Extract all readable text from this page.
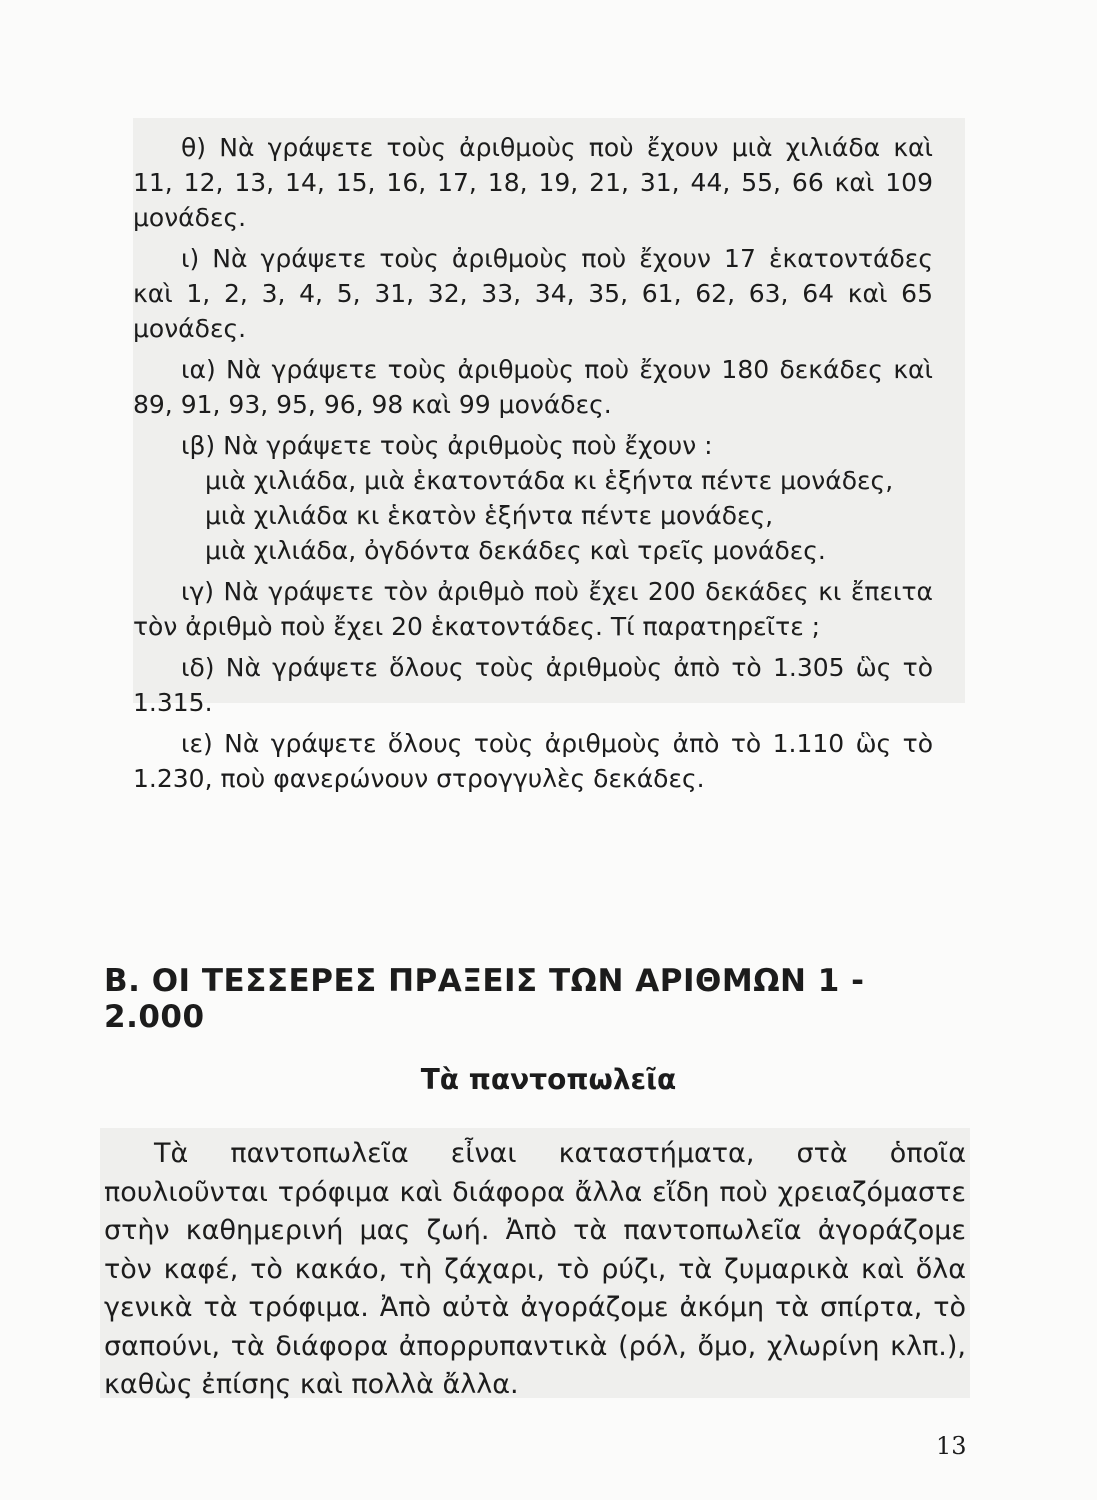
θ) Νὰ γράψετε τοὺς ἀριθμοὺς ποὺ ἔχουν μιὰ χιλιάδα καὶ 11, 12, 13, 14, 15, 16, 17, 18, 19, 21, 31, 44, 55, 66 καὶ 109 μονάδες.

ι) Νὰ γράψετε τοὺς ἀριθμοὺς ποὺ ἔχουν 17 ἑκατοντάδες καὶ 1, 2, 3, 4, 5, 31, 32, 33, 34, 35, 61, 62, 63, 64 καὶ 65 μονάδες.

ια) Νὰ γράψετε τοὺς ἀριθμοὺς ποὺ ἔχουν 180 δεκάδες καὶ 89, 91, 93, 95, 96, 98 καὶ 99 μονάδες.

ιβ) Νὰ γράψετε τοὺς ἀριθμοὺς ποὺ ἔχουν :

μιὰ χιλιάδα, μιὰ ἑκατοντάδα κι ἑξήντα πέντε μονάδες,

μιὰ χιλιάδα κι ἑκατὸν ἑξήντα πέντε μονάδες,

μιὰ χιλιάδα, ὀγδόντα δεκάδες καὶ τρεῖς μονάδες.

ιγ) Νὰ γράψετε τὸν ἀριθμὸ ποὺ ἔχει 200 δεκάδες κι ἔπειτα τὸν ἀριθμὸ ποὺ ἔχει 20 ἑκατοντάδες. Τί παρατηρεῖτε ;

ιδ) Νὰ γράψετε ὅλους τοὺς ἀριθμοὺς ἀπὸ τὸ 1.305 ὣς τὸ 1.315.

ιε) Νὰ γράψετε ὅλους τοὺς ἀριθμοὺς ἀπὸ τὸ 1.110 ὣς τὸ 1.230, ποὺ φανερώνουν στρογγυλὲς δεκάδες.

Β. ΟΙ ΤΕΣΣΕΡΕΣ ΠΡΑΞΕΙΣ ΤΩΝ ΑΡΙΘΜΩΝ 1 - 2.000
Τὰ παντοπωλεῖα

Τὰ παντοπωλεῖα εἶναι καταστήματα, στὰ ὁποῖα πουλιοῦνται τρόφιμα καὶ διάφορα ἄλλα εἴδη ποὺ χρειαζόμαστε στὴν καθημερινή μας ζωή. Ἀπὸ τὰ παντοπωλεῖα ἀγοράζομε τὸν καφέ, τὸ κακάο, τὴ ζάχαρι, τὸ ρύζι, τὰ ζυμαρικὰ καὶ ὅλα γενικὰ τὰ τρόφιμα. Ἀπὸ αὐτὰ ἀγοράζομε ἀκόμη τὰ σπίρτα, τὸ σαπούνι, τὰ διάφορα ἀπορρυπαντικὰ (ρόλ, ὄμο, χλωρίνη κλπ.), καθὼς ἐπίσης καὶ πολλὰ ἄλλα.

13
